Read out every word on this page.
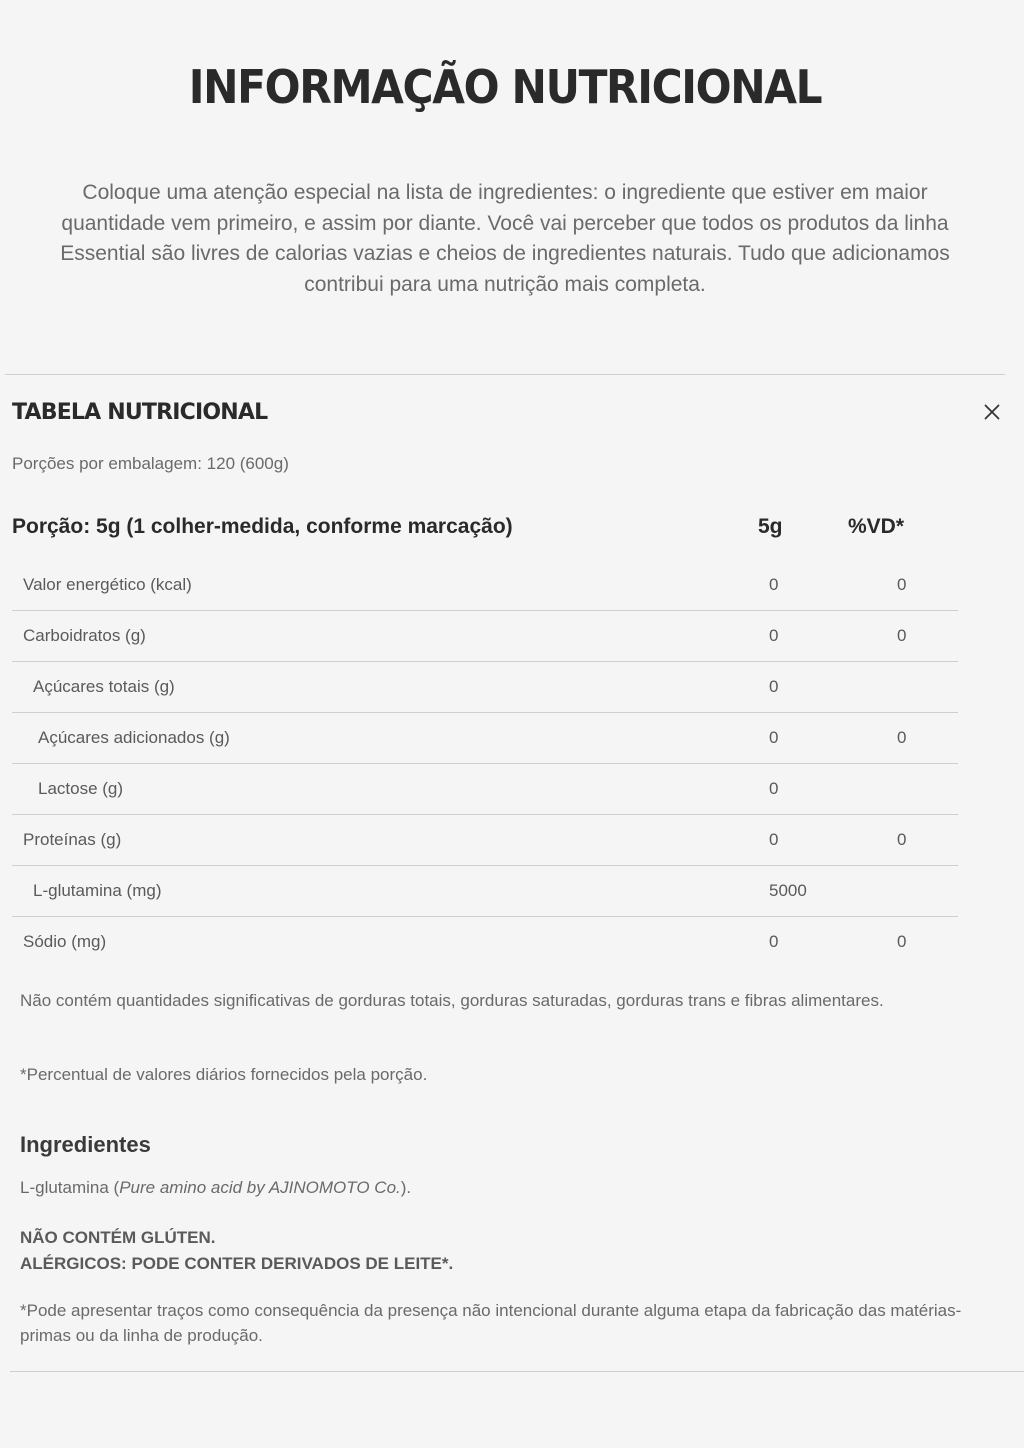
INFORMAÇÃO NUTRICIONAL
Coloque uma atenção especial na lista de ingredientes: o ingrediente que estiver em maior quantidade vem primeiro, e assim por diante. Você vai perceber que todos os produtos da linha Essential são livres de calorias vazias e cheios de ingredientes naturais. Tudo que adicionamos contribui para uma nutrição mais completa.
TABELA NUTRICIONAL
Porções por embalagem: 120 (600g)
Porção: 5g (1 colher-medida, conforme marcação)	5g	%VD*
Valor energético (kcal)	0	0
Carboidratos (g)	0	0
Açúcares totais (g)	0
Açúcares adicionados (g)	0	0
Lactose (g)	0
Proteínas (g)	0	0
L-glutamina (mg)	5000
Sódio (mg)	0	0
Não contém quantidades significativas de gorduras totais, gorduras saturadas, gorduras trans e fibras alimentares.
*Percentual de valores diários fornecidos pela porção.
Ingredientes
L-glutamina (Pure amino acid by AJINOMOTO Co.).
NÃO CONTÉM GLÚTEN.
ALÉRGICOS: PODE CONTER DERIVADOS DE LEITE*.
*Pode apresentar traços como consequência da presença não intencional durante alguma etapa da fabricação das matérias-primas ou da linha de produção.
